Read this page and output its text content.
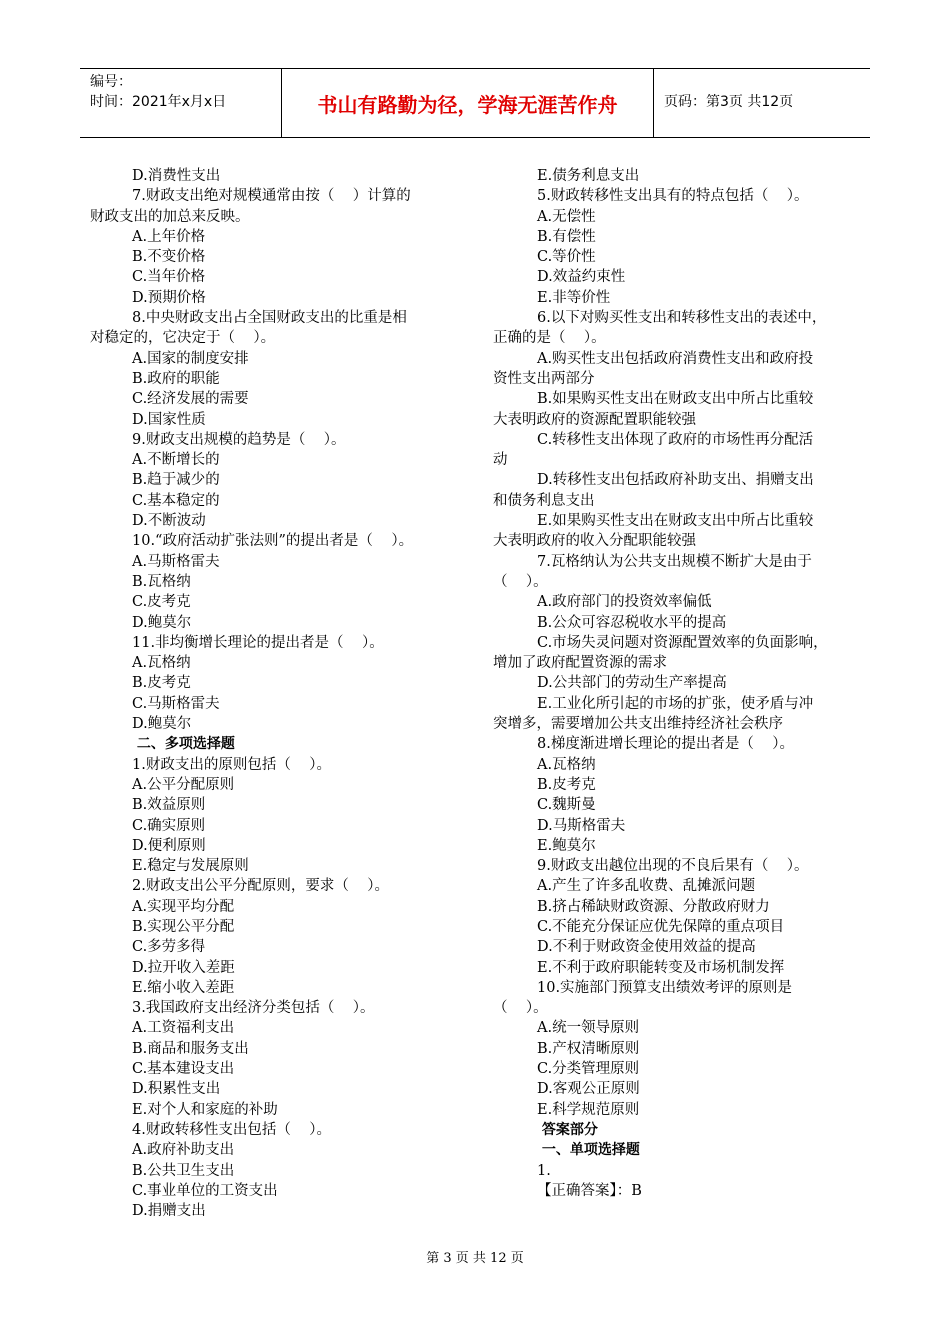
编号：
时间：2021年x月x日	书山有路勤为径，学海无涯苦作舟	页码：第3页 共12页
D.消费性支出
7.财政支出绝对规模通常由按（    ）计算的
财政支出的加总来反映。
A.上年价格
B.不变价格
C.当年价格
D.预期价格
8.中央财政支出占全国财政支出的比重是相
对稳定的，它决定于（    ）。
A.国家的制度安排
B.政府的职能
C.经济发展的需要
D.国家性质
9.财政支出规模的趋势是（    ）。
A.不断增长的
B.趋于减少的
C.基本稳定的
D.不断波动
10.“政府活动扩张法则”的提出者是（    ）。
A.马斯格雷夫
B.瓦格纳
C.皮考克
D.鲍莫尔
11.非均衡增长理论的提出者是（    ）。
A.瓦格纳
B.皮考克
C.马斯格雷夫
D.鲍莫尔
二、多项选择题
1.财政支出的原则包括（    ）。
A.公平分配原则
B.效益原则
C.确实原则
D.便利原则
E.稳定与发展原则
2.财政支出公平分配原则，要求（    ）。
A.实现平均分配
B.实现公平分配
C.多劳多得
D.拉开收入差距
E.缩小收入差距
3.我国政府支出经济分类包括（    ）。
A.工资福利支出
B.商品和服务支出
C.基本建设支出
D.积累性支出
E.对个人和家庭的补助
4.财政转移性支出包括（    ）。
A.政府补助支出
B.公共卫生支出
C.事业单位的工资支出
D.捐赠支出
E.债务利息支出
5.财政转移性支出具有的特点包括（    ）。
A.无偿性
B.有偿性
C.等价性
D.效益约束性
E.非等价性
6.以下对购买性支出和转移性支出的表述中，
正确的是（    ）。
A.购买性支出包括政府消费性支出和政府投
资性支出两部分
B.如果购买性支出在财政支出中所占比重较
大表明政府的资源配置职能较强
C.转移性支出体现了政府的市场性再分配活
动
D.转移性支出包括政府补助支出、捐赠支出
和债务利息支出
E.如果购买性支出在财政支出中所占比重较
大表明政府的收入分配职能较强
7.瓦格纳认为公共支出规模不断扩大是由于
（    ）。
A.政府部门的投资效率偏低
B.公众可容忍税收水平的提高
C.市场失灵问题对资源配置效率的负面影响，
增加了政府配置资源的需求
D.公共部门的劳动生产率提高
E.工业化所引起的市场的扩张，使矛盾与冲
突增多，需要增加公共支出维持经济社会秩序
8.梯度渐进增长理论的提出者是（    ）。
A.瓦格纳
B.皮考克
C.魏斯曼
D.马斯格雷夫
E.鲍莫尔
9.财政支出越位出现的不良后果有（    ）。
A.产生了许多乱收费、乱摊派问题
B.挤占稀缺财政资源、分散政府财力
C.不能充分保证应优先保障的重点项目
D.不利于财政资金使用效益的提高
E.不利于政府职能转变及市场机制发挥
10.实施部门预算支出绩效考评的原则是
（    ）。
A.统一领导原则
B.产权清晰原则
C.分类管理原则
D.客观公正原则
E.科学规范原则
答案部分
一、单项选择题
1.
【正确答案】：B
第 3 页 共 12 页
